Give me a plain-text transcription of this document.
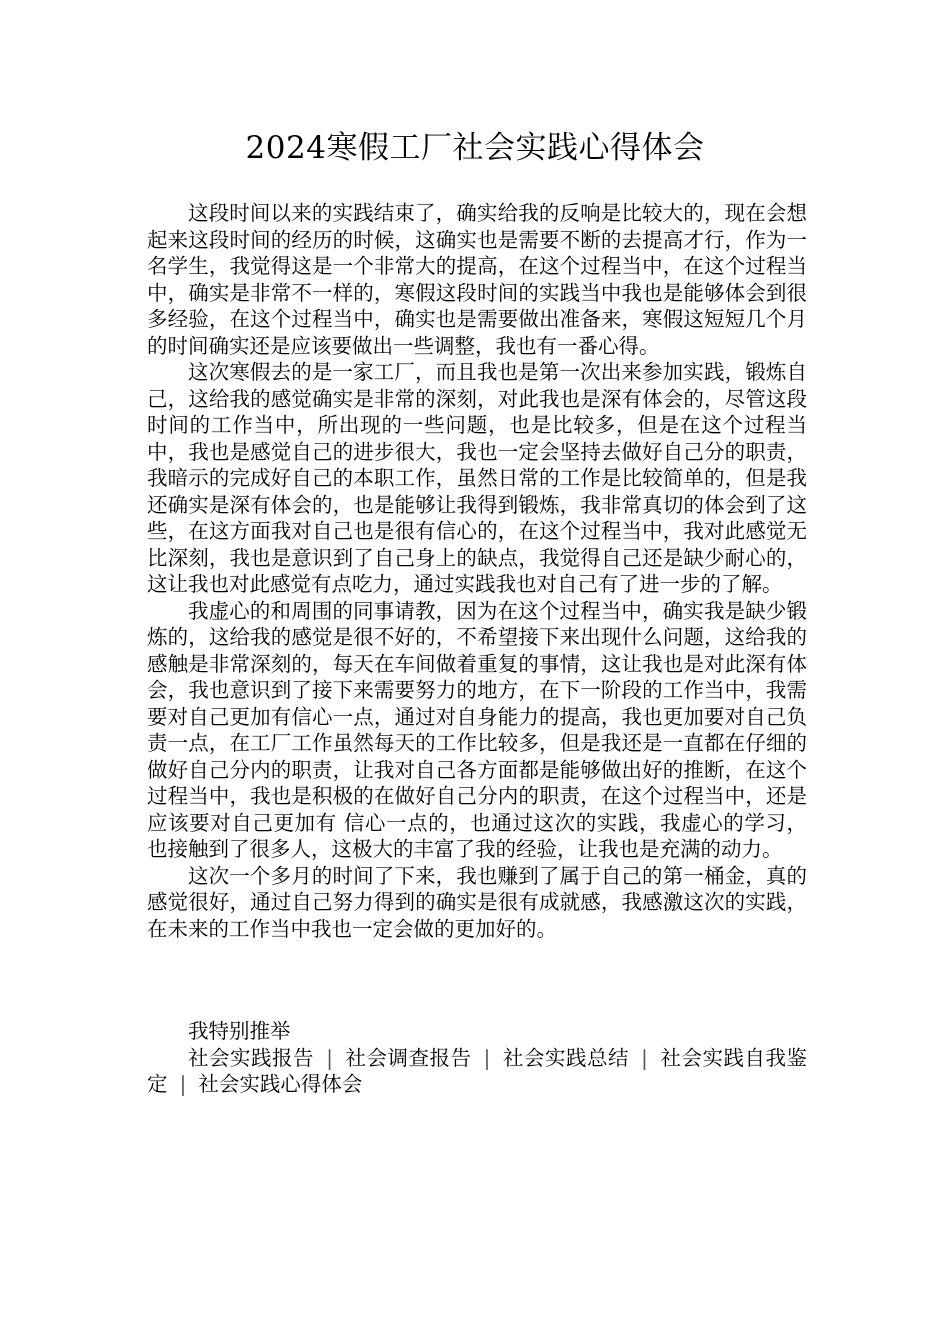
2024寒假工厂社会实践心得体会

这段时间以来的实践结束了，确实给我的反响是比较大的，现在会想起来这段时间的经历的时候，这确实也是需要不断的去提高才行，作为一名学生，我觉得这是一个非常大的提高，在这个过程当中，在这个过程当中，确实是非常不一样的，寒假这段时间的实践当中我也是能够体会到很多经验，在这个过程当中，确实也是需要做出准备来，寒假这短短几个月的时间确实还是应该要做出一些调整，我也有一番心得。

这次寒假去的是一家工厂，而且我也是第一次出来参加实践，锻炼自己，这给我的感觉确实是非常的深刻，对此我也是深有体会的，尽管这段时间的工作当中，所出现的一些问题，也是比较多，但是在这个过程当中，我也是感觉自己的进步很大，我也一定会坚持去做好自己分的职责，我暗示的完成好自己的本职工作，虽然日常的工作是比较简单的，但是我还确实是深有体会的，也是能够让我得到锻炼，我非常真切的体会到了这些，在这方面我对自己也是很有信心的，在这个过程当中，我对此感觉无比深刻，我也是意识到了自己身上的缺点，我觉得自己还是缺少耐心的，这让我也对此感觉有点吃力，通过实践我也对自己有了进一步的了解。

我虚心的和周围的同事请教，因为在这个过程当中，确实我是缺少锻炼的，这给我的感觉是很不好的，不希望接下来出现什么问题，这给我的感触是非常深刻的，每天在车间做着重复的事情，这让我也是对此深有体会，我也意识到了接下来需要努力的地方，在下一阶段的工作当中，我需要对自己更加有信心一点，通过对自身能力的提高，我也更加要对自己负责一点，在工厂工作虽然每天的工作比较多，但是我还是一直都在仔细的做好自己分内的职责，让我对自己各方面都是能够做出好的推断，在这个过程当中，我也是积极的在做好自己分内的职责，在这个过程当中，还是应该要对自己更加有 信心一点的，也通过这次的实践，我虚心的学习，也接触到了很多人，这极大的丰富了我的经验，让我也是充满的动力。

这次一个多月的时间了下来，我也赚到了属于自己的第一桶金，真的感觉很好，通过自己努力得到的确实是很有成就感，我感激这次的实践，在未来的工作当中我也一定会做的更加好的。

我特别推举

社会实践报告 | 社会调查报告 | 社会实践总结 | 社会实践自我鉴定 | 社会实践心得体会
